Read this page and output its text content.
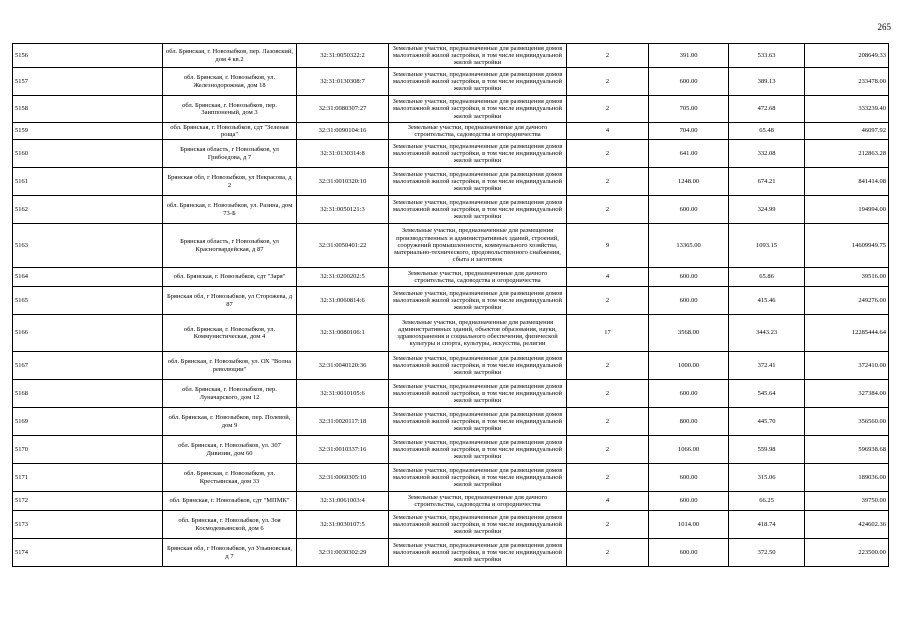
265
5156	обл. Брянская, г. Новозыбков, пер. Лазовский, дом 4 кв.2	32:31:0050322:2	Земельные участки, предназначенные для размещения домов малоэтажной жилой застройки, в том числе индивидуальной жилой застройки	2	391.00	533.63	208649.33
5157	обл. Брянская, г. Новозыбков, ул. Железнодорожная, дом 18	32:31:0130308:7	Земельные участки, предназначенные для размещения домов малоэтажной жилой застройки, в том числе индивидуальной жилой застройки	2	600.00	389.13	233478.00
5158	обл. Брянская, г. Новозыбков, пер. Заиппоненый, дом 3	32:31:0080307:27	Земельные участки, предназначенные для размещения домов малоэтажной жилой застройки, в том числе индивидуальной жилой застройки	2	705.00	472.68	333239.40
5159	обл. Брянская, г. Новозыбков, сдт "Зеленая роща"	32:31:0090104:16	Земельные участки, предназначенные для дачного строительства, садоводства и огородничества	4	704.00	65.48	46097.92
5160	Брянская область, г Новозыбков, ул Грибоедова, д 7	32:31:0130314:8	Земельные участки, предназначенные для размещения домов малоэтажной жилой застройки, в том числе индивидуальной жилой застройки	2	641.00	332.08	212863.28
5161	Брянская обл, г Новозыбков, ул Некрасова, д 2	32:31:0010320:10	Земельные участки, предназначенные для размещения домов малоэтажной жилой застройки, в том числе индивидуальной жилой застройки	2	1248.00	674.21	841414.08
5162	обл. Брянская, г. Новозыбков, ул. Разина, дом 73-Б	32:31:0050121:3	Земельные участки, предназначенные для размещения домов малоэтажной жилой застройки, в том числе индивидуальной жилой застройки	2	600.00	324.99	194994.00
5163	Брянская область, г Новозыбков, ул Красногвардейская, д 87	32:31:0050401:22	Земельные участки, предназначенные для размещения производственных и административных зданий, строений, сооружений промышленности, коммунального хозяйства, материально-технического, продовольственного снабжения, сбыта и заготовок	9	13365.00	1093.15	14609949.75
5164	обл. Брянская, г. Новозыбков, сдт "Заря"	32:31:0200202:5	Земельные участки, предназначенные для дачного строительства, садоводства и огородничества	4	600.00	65.86	39516.00
5165	Брянская обл, г Новозыбков, ул Сторожева, д 87	32:31:0060814:6	Земельные участки, предназначенные для размещения домов малоэтажной жилой застройки, в том числе индивидуальной жилой застройки	2	600.00	415.46	249276.00
5166	обл. Брянская, г. Новозыбков, ул. Коммунистическая, дом 4	32:31:0080106:1	Земельные участки, предназначенные для размещения административных зданий, объектов образования, науки, здравоохранения и социального обеспечения, физической культуры и спорта, культуры, искусства, религии	17	3568.00	3443.23	12285444.64
5167	обл. Брянская, г. Новозыбков, ул. ОХ "Волна революции"	32:31:0040120:36	Земельные участки, предназначенные для размещения домов малоэтажной жилой застройки, в том числе индивидуальной жилой застройки	2	1000.00	372.41	372410.00
5168	обл. Брянская, г. Новозыбков, пер. Луначарского, дом 12	32:31:0010105:6	Земельные участки, предназначенные для размещения домов малоэтажной жилой застройки, в том числе индивидуальной жилой застройки	2	600.00	545.64	327384.00
5169	обл. Брянская, г. Новозыбков, пер. Полевой, дом 9	32:31:0020117:18	Земельные участки, предназначенные для размещения домов малоэтажной жилой застройки, в том числе индивидуальной жилой застройки	2	800.00	445.70	356560.00
5170	обл. Брянская, г. Новозыбков, ул. 307 Дивизии, дом 60	32:31:0010337:16	Земельные участки, предназначенные для размещения домов малоэтажной жилой застройки, в том числе индивидуальной жилой застройки	2	1066.00	559.98	596938.68
5171	обл. Брянская, г. Новозыбков, ул. Крестьянская, дом 33	32:31:0060305:10	Земельные участки, предназначенные для размещения домов малоэтажной жилой застройки, в том числе индивидуальной жилой застройки	2	600.00	315.06	189036.00
5172	обл. Брянская, г. Новозыбков, сдт "МПМК"	32:31:0061003:4	Земельные участки, предназначенные для дачного строительства, садоводства и огородничества	4	600.00	66.25	39750.00
5173	обл. Брянская, г. Новозыбков, ул. Зоя Космодемьянской, дом 6	32:31:0030107:5	Земельные участки, предназначенные для размещения домов малоэтажной жилой застройки, в том числе индивидуальной жилой застройки	2	1014.00	418.74	424602.36
5174	Брянская обл, г Новозыбков, ул Ульяновская, д 7	32:31:0030302:29	Земельные участки, предназначенные для размещения домов малоэтажной жилой застройки, в том числе индивидуальной жилой застройки	2	600.00	372.50	223500.00
